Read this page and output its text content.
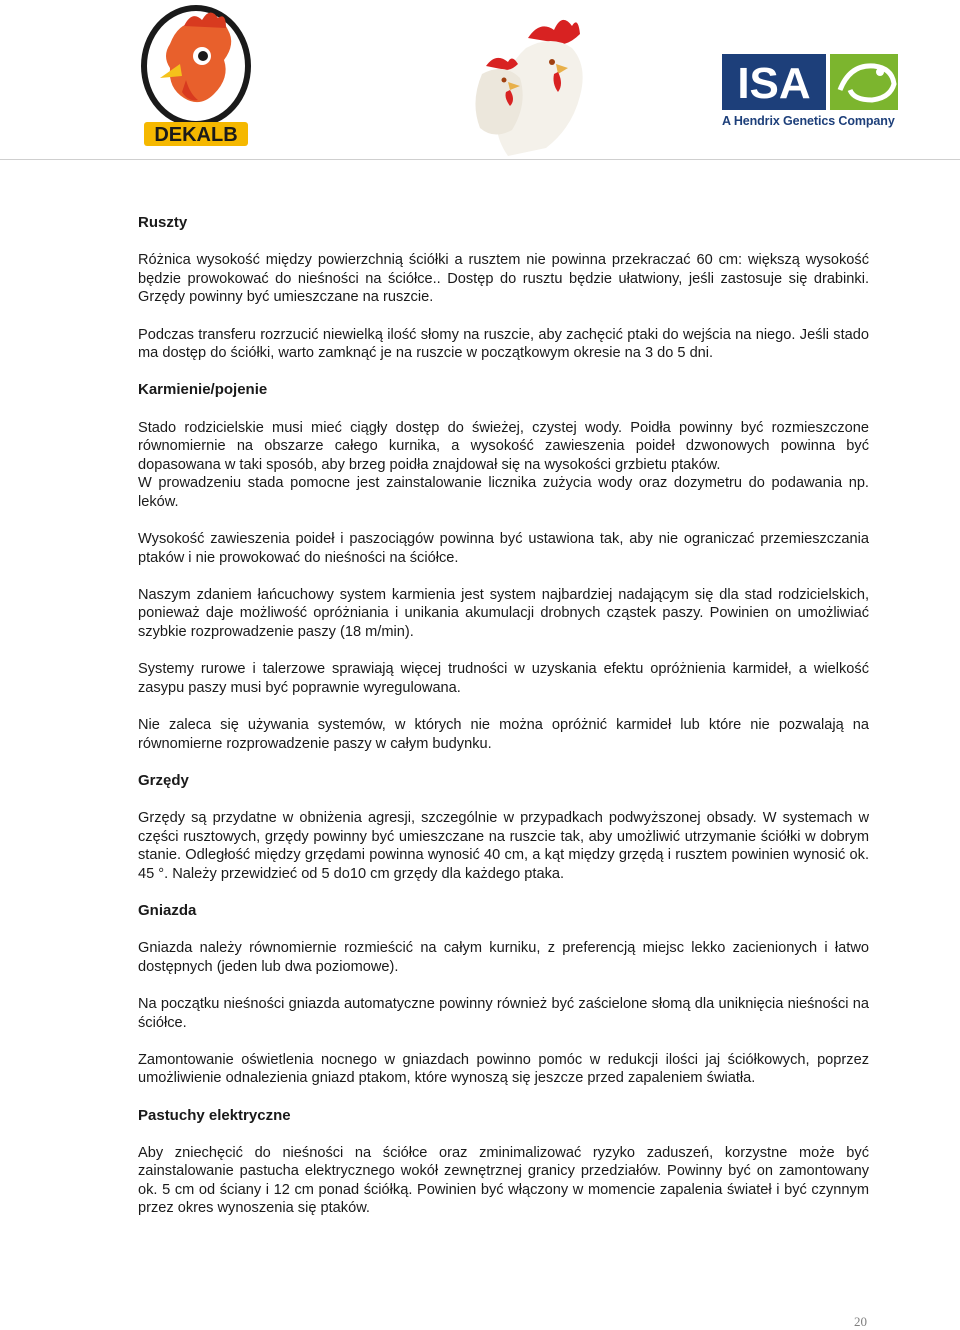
DEKALB
ISA
A Hendrix Genetics Company
Ruszty

Różnica wysokość między powierzchnią ściółki a rusztem nie powinna przekraczać 60 cm: większą wysokość będzie prowokować do nieśności na ściółce.. Dostęp do rusztu będzie ułatwiony, jeśli zastosuje się drabinki. Grzędy powinny być umieszczane na ruszcie.

Podczas transferu rozrzucić niewielką ilość słomy na ruszcie, aby zachęcić ptaki do wejścia na niego. Jeśli stado ma dostęp do ściółki, warto zamknąć je na ruszcie w początkowym okresie na 3 do 5 dni.

Karmienie/pojenie

Stado rodzicielskie musi mieć ciągły dostęp do świeżej, czystej wody. Poidła powinny być rozmieszczone równomiernie na obszarze całego kurnika, a wysokość zawieszenia poideł dzwonowych powinna być dopasowana w taki sposób, aby brzeg poidła znajdował się na wysokości grzbietu ptaków.

W prowadzeniu stada pomocne jest zainstalowanie licznika zużycia wody oraz dozymetru do podawania np. leków.

Wysokość zawieszenia poideł i paszociągów powinna być ustawiona tak, aby nie ograniczać przemieszczania ptaków i nie prowokować do nieśności na ściółce.

Naszym zdaniem łańcuchowy system karmienia jest system najbardziej nadającym się dla stad rodzicielskich, ponieważ daje możliwość opróżniania i unikania akumulacji drobnych cząstek paszy. Powinien on umożliwiać szybkie rozprowadzenie paszy (18 m/min).

Systemy rurowe i talerzowe sprawiają więcej trudności w uzyskania efektu opróżnienia karmideł, a wielkość zasypu paszy musi być poprawnie wyregulowana.

Nie zaleca się używania systemów, w których nie można opróżnić karmideł lub które nie pozwalają na równomierne rozprowadzenie paszy w całym budynku.

Grzędy

Grzędy są przydatne w obniżenia agresji, szczególnie w przypadkach podwyższonej obsady. W systemach w części rusztowych, grzędy powinny być umieszczane na ruszcie tak, aby umożliwić utrzymanie ściółki w dobrym stanie. Odległość między grzędami powinna wynosić 40 cm, a kąt między grzędą i rusztem powinien wynosić ok. 45 °. Należy przewidzieć od 5 do10 cm grzędy dla każdego ptaka.

Gniazda

Gniazda należy równomiernie rozmieścić na całym kurniku, z preferencją miejsc lekko zacienionych i łatwo dostępnych (jeden lub dwa poziomowe).

Na początku nieśności gniazda automatyczne powinny również być zaścielone słomą dla uniknięcia nieśności na ściółce.

Zamontowanie oświetlenia nocnego w gniazdach powinno pomóc w redukcji ilości jaj ściółkowych, poprzez umożliwienie odnalezienia gniazd ptakom, które wynoszą się jeszcze przed zapaleniem światła.

Pastuchy elektryczne

Aby zniechęcić do nieśności na ściółce oraz zminimalizować ryzyko zaduszeń, korzystne może być zainstalowanie pastucha elektrycznego wokół zewnętrznej granicy przedziałów. Powinny być on zamontowany ok. 5 cm od ściany i 12 cm ponad ściółką. Powinien być włączony w momencie zapalenia świateł i być czynnym przez okres wynoszenia się ptaków.

20
